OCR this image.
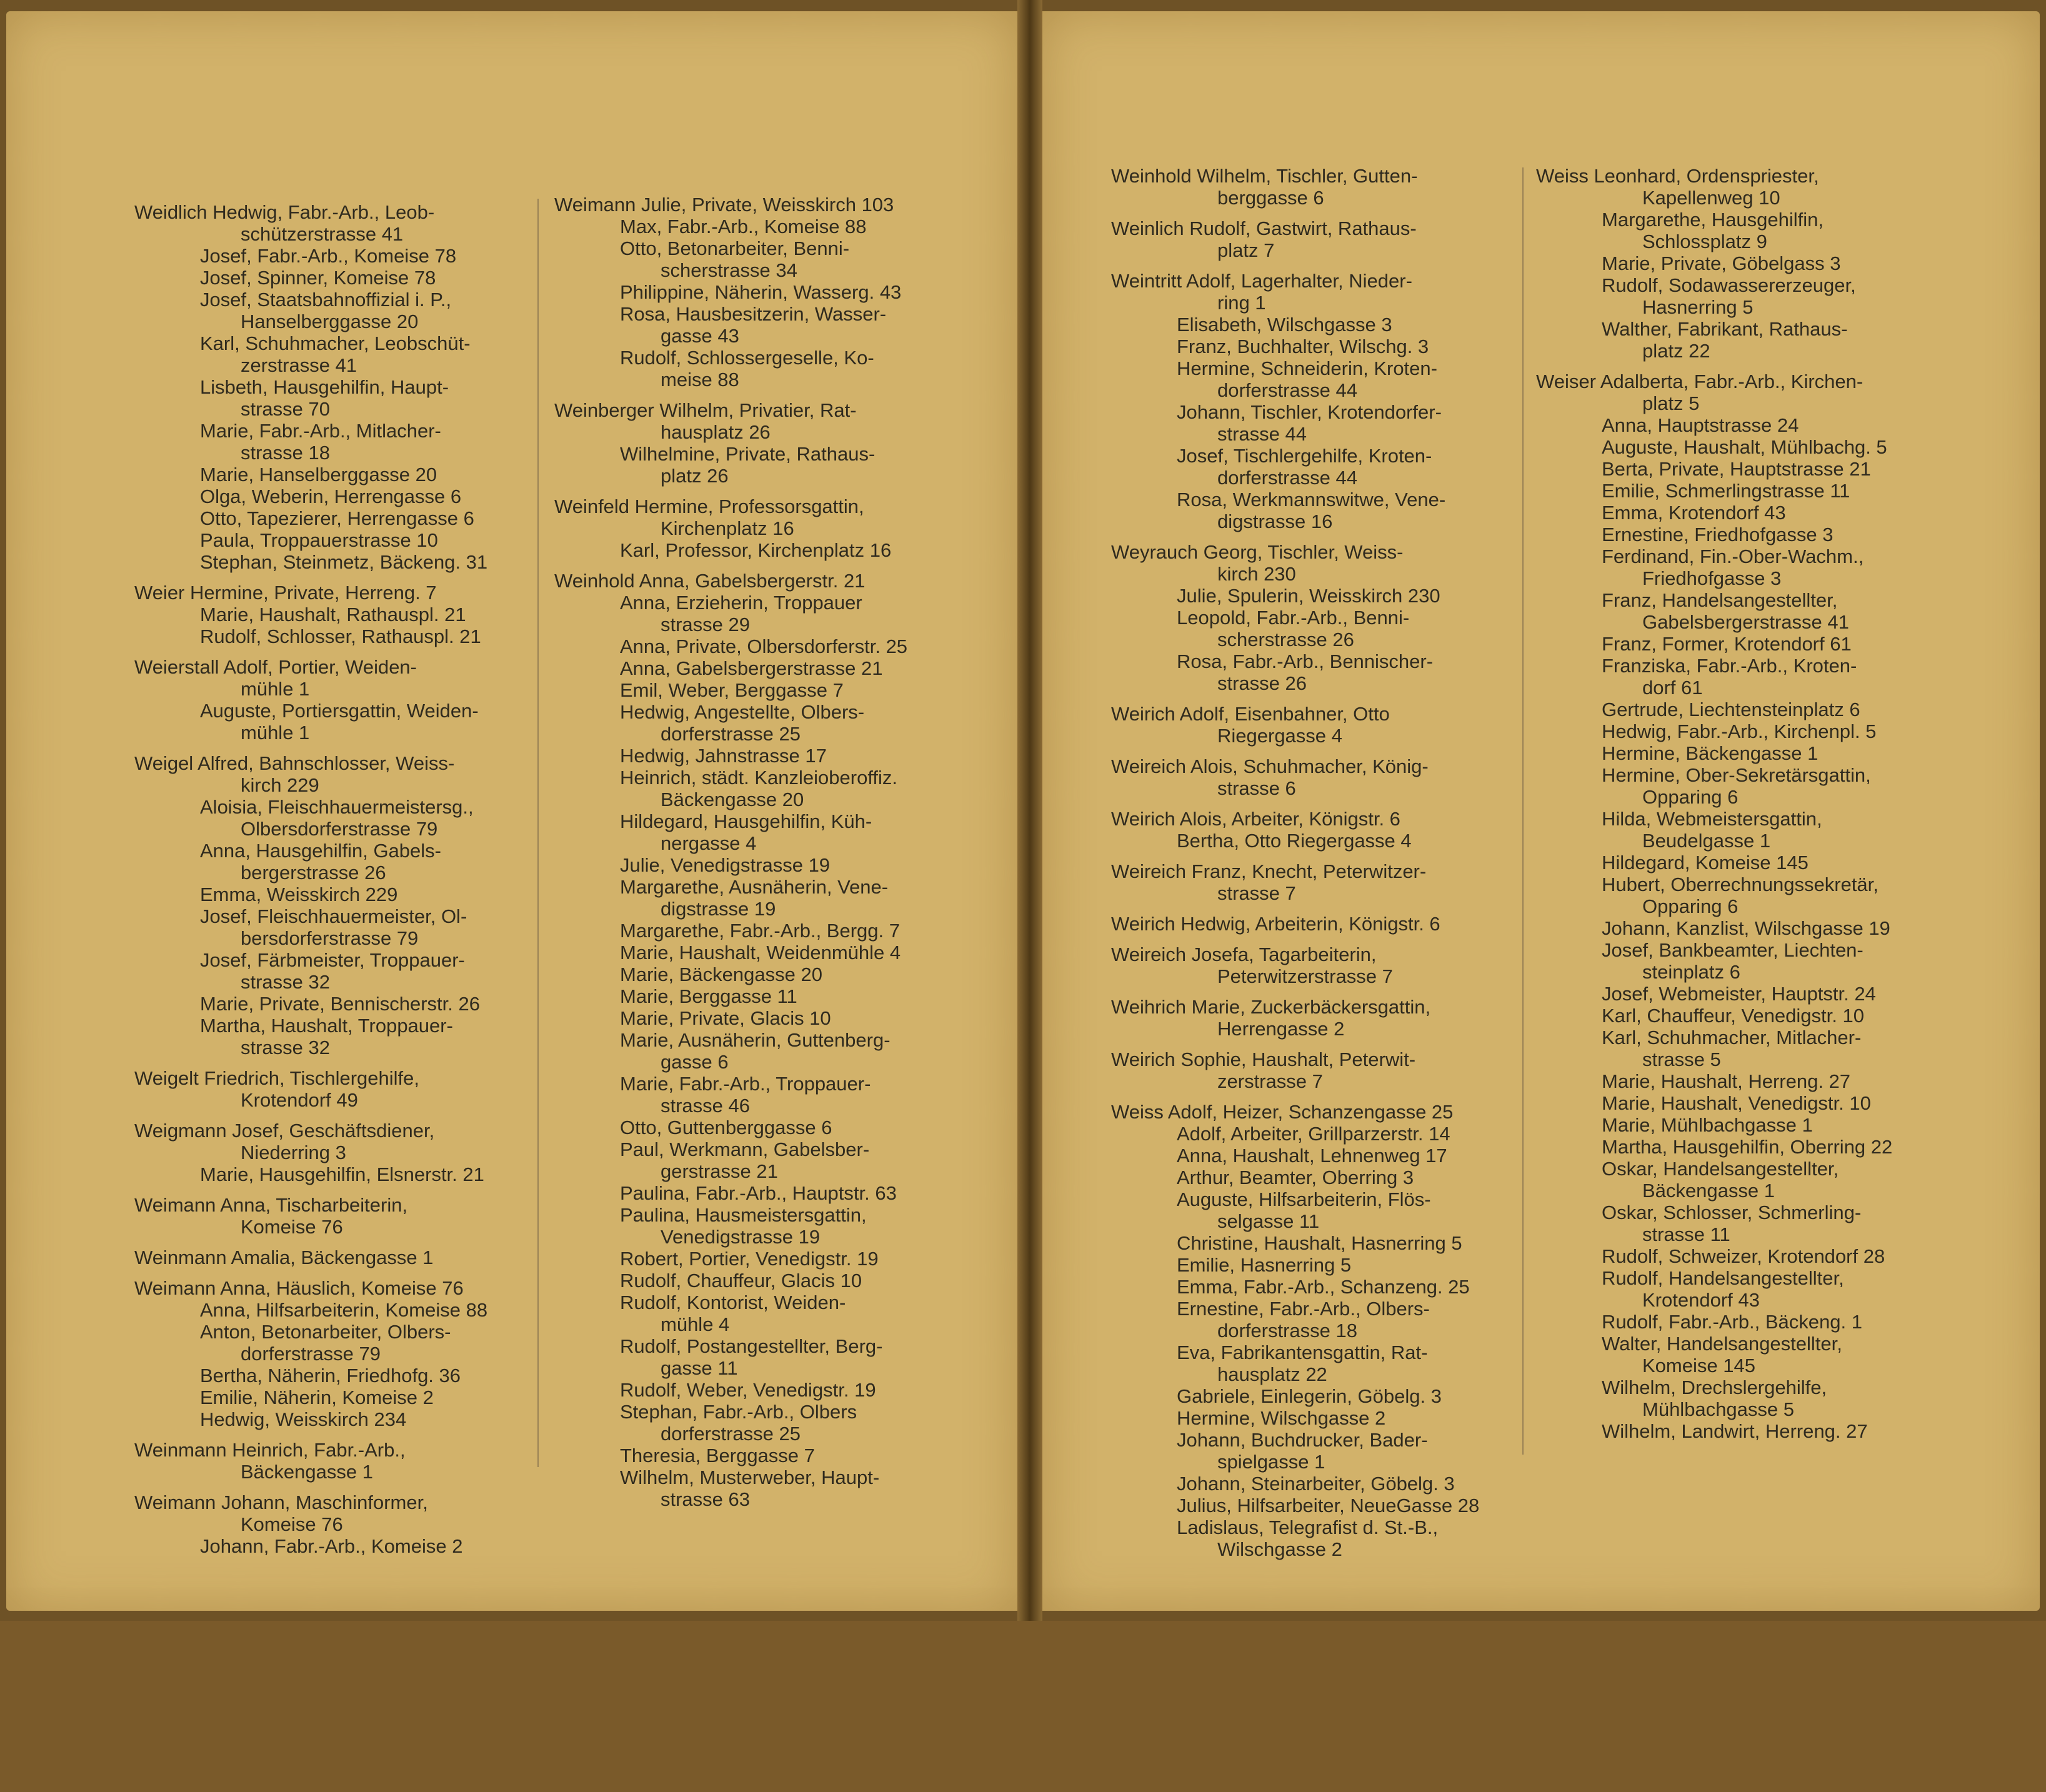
Weidlich Hedwig, Fabr.-Arb., Leob-
schützerstrasse 41
Josef, Fabr.-Arb., Komeise 78
Josef, Spinner, Komeise 78
Josef, Staatsbahnoffizial i. P.,
Hanselberggasse 20
Karl, Schuhmacher, Leobschüt-
zerstrasse 41
Lisbeth, Hausgehilfin, Haupt-
strasse 70
Marie, Fabr.-Arb., Mitlacher-
strasse 18
Marie, Hanselberggasse 20
Olga, Weberin, Herrengasse 6
Otto, Tapezierer, Herrengasse 6
Paula, Troppauerstrasse 10
Stephan, Steinmetz, Bäckeng. 31
Weier Hermine, Private, Herreng. 7
Marie, Haushalt, Rathauspl. 21
Rudolf, Schlosser, Rathauspl. 21
Weierstall Adolf, Portier, Weiden-
mühle 1
Auguste, Portiersgattin, Weiden-
mühle 1
Weigel Alfred, Bahnschlosser, Weiss-
kirch 229
Aloisia, Fleischhauermeistersg.,
Olbersdorferstrasse 79
Anna, Hausgehilfin, Gabels-
bergerstrasse 26
Emma, Weisskirch 229
Josef, Fleischhauermeister, Ol-
bersdorferstrasse 79
Josef, Färbmeister, Troppauer-
strasse 32
Marie, Private, Bennischerstr. 26
Martha, Haushalt, Troppauer-
strasse 32
Weigelt Friedrich, Tischlergehilfe,
Krotendorf 49
Weigmann Josef, Geschäftsdiener,
Niederring 3
Marie, Hausgehilfin, Elsnerstr. 21
Weimann Anna, Tischarbeiterin,
Komeise 76
Weinmann Amalia, Bäckengasse 1
Weimann Anna, Häuslich, Komeise 76
Anna, Hilfsarbeiterin, Komeise 88
Anton, Betonarbeiter, Olbers-
dorferstrasse 79
Bertha, Näherin, Friedhofg. 36
Emilie, Näherin, Komeise 2
Hedwig, Weisskirch 234
Weinmann Heinrich, Fabr.-Arb.,
Bäckengasse 1
Weimann Johann, Maschinformer,
Komeise 76
Johann, Fabr.-Arb., Komeise 2
Weimann Julie, Private, Weisskirch 103
Max, Fabr.-Arb., Komeise 88
Otto, Betonarbeiter, Benni-
scherstrasse 34
Philippine, Näherin, Wasserg. 43
Rosa, Hausbesitzerin, Wasser-
gasse 43
Rudolf, Schlossergeselle, Ko-
meise 88
Weinberger Wilhelm, Privatier, Rat-
hausplatz 26
Wilhelmine, Private, Rathaus-
platz 26
Weinfeld Hermine, Professorsgattin,
Kirchenplatz 16
Karl, Professor, Kirchenplatz 16
Weinhold Anna, Gabelsbergerstr. 21
Anna, Erzieherin, Troppauer
strasse 29
Anna, Private, Olbersdorferstr. 25
Anna, Gabelsbergerstrasse 21
Emil, Weber, Berggasse 7
Hedwig, Angestellte, Olbers-
dorferstrasse 25
Hedwig, Jahnstrasse 17
Heinrich, städt. Kanzleioberoffiz.
Bäckengasse 20
Hildegard, Hausgehilfin, Küh-
nergasse 4
Julie, Venedigstrasse 19
Margarethe, Ausnäherin, Vene-
digstrasse 19
Margarethe, Fabr.-Arb., Bergg. 7
Marie, Haushalt, Weidenmühle 4
Marie, Bäckengasse 20
Marie, Berggasse 11
Marie, Private, Glacis 10
Marie, Ausnäherin, Guttenberg-
gasse 6
Marie, Fabr.-Arb., Troppauer-
strasse 46
Otto, Guttenberggasse 6
Paul, Werkmann, Gabelsber-
gerstrasse 21
Paulina, Fabr.-Arb., Hauptstr. 63
Paulina, Hausmeistersgattin,
Venedigstrasse 19
Robert, Portier, Venedigstr. 19
Rudolf, Chauffeur, Glacis 10
Rudolf, Kontorist, Weiden-
mühle 4
Rudolf, Postangestellter, Berg-
gasse 11
Rudolf, Weber, Venedigstr. 19
Stephan, Fabr.-Arb., Olbers
dorferstrasse 25
Theresia, Berggasse 7
Wilhelm, Musterweber, Haupt-
strasse 63
Weinhold Wilhelm, Tischler, Gutten-
berggasse 6
Weinlich Rudolf, Gastwirt, Rathaus-
platz 7
Weintritt Adolf, Lagerhalter, Nieder-
ring 1
Elisabeth, Wilschgasse 3
Franz, Buchhalter, Wilschg. 3
Hermine, Schneiderin, Kroten-
dorferstrasse 44
Johann, Tischler, Krotendorfer-
strasse 44
Josef, Tischlergehilfe, Kroten-
dorferstrasse 44
Rosa, Werkmannswitwe, Vene-
digstrasse 16
Weyrauch Georg, Tischler, Weiss-
kirch 230
Julie, Spulerin, Weisskirch 230
Leopold, Fabr.-Arb., Benni-
scherstrasse 26
Rosa, Fabr.-Arb., Bennischer-
strasse 26
Weirich Adolf, Eisenbahner, Otto
Riegergasse 4
Weireich Alois, Schuhmacher, König-
strasse 6
Weirich Alois, Arbeiter, Königstr. 6
Bertha, Otto Riegergasse 4
Weireich Franz, Knecht, Peterwitzer-
strasse 7
Weirich Hedwig, Arbeiterin, Königstr. 6
Weireich Josefa, Tagarbeiterin,
Peterwitzerstrasse 7
Weihrich Marie, Zuckerbäckersgattin,
Herrengasse 2
Weirich Sophie, Haushalt, Peterwit-
zerstrasse 7
Weiss Adolf, Heizer, Schanzengasse 25
Adolf, Arbeiter, Grillparzerstr. 14
Anna, Haushalt, Lehnenweg 17
Arthur, Beamter, Oberring 3
Auguste, Hilfsarbeiterin, Flös-
selgasse 11
Christine, Haushalt, Hasnerring 5
Emilie, Hasnerring 5
Emma, Fabr.-Arb., Schanzeng. 25
Ernestine, Fabr.-Arb., Olbers-
dorferstrasse 18
Eva, Fabrikantensgattin, Rat-
hausplatz 22
Gabriele, Einlegerin, Göbelg. 3
Hermine, Wilschgasse 2
Johann, Buchdrucker, Bader-
spielgasse 1
Johann, Steinarbeiter, Göbelg. 3
Julius, Hilfsarbeiter, NeueGasse 28
Ladislaus, Telegrafist d. St.-B.,
Wilschgasse 2
Weiss Leonhard, Ordenspriester,
Kapellenweg 10
Margarethe, Hausgehilfin,
Schlossplatz 9
Marie, Private, Göbelgass 3
Rudolf, Sodawassererzeuger,
Hasnerring 5
Walther, Fabrikant, Rathaus-
platz 22
Weiser Adalberta, Fabr.-Arb., Kirchen-
platz 5
Anna, Hauptstrasse 24
Auguste, Haushalt, Mühlbachg. 5
Berta, Private, Hauptstrasse 21
Emilie, Schmerlingstrasse 11
Emma, Krotendorf 43
Ernestine, Friedhofgasse 3
Ferdinand, Fin.-Ober-Wachm.,
Friedhofgasse 3
Franz, Handelsangestellter,
Gabelsbergerstrasse 41
Franz, Former, Krotendorf 61
Franziska, Fabr.-Arb., Kroten-
dorf 61
Gertrude, Liechtensteinplatz 6
Hedwig, Fabr.-Arb., Kirchenpl. 5
Hermine, Bäckengasse 1
Hermine, Ober-Sekretärsgattin,
Opparing 6
Hilda, Webmeistersgattin,
Beudelgasse 1
Hildegard, Komeise 145
Hubert, Oberrechnungssekretär,
Opparing 6
Johann, Kanzlist, Wilschgasse 19
Josef, Bankbeamter, Liechten-
steinplatz 6
Josef, Webmeister, Hauptstr. 24
Karl, Chauffeur, Venedigstr. 10
Karl, Schuhmacher, Mitlacher-
strasse 5
Marie, Haushalt, Herreng. 27
Marie, Haushalt, Venedigstr. 10
Marie, Mühlbachgasse 1
Martha, Hausgehilfin, Oberring 22
Oskar, Handelsangestellter,
Bäckengasse 1
Oskar, Schlosser, Schmerling-
strasse 11
Rudolf, Schweizer, Krotendorf 28
Rudolf, Handelsangestellter,
Krotendorf 43
Rudolf, Fabr.-Arb., Bäckeng. 1
Walter, Handelsangestellter,
Komeise 145
Wilhelm, Drechslergehilfe,
Mühlbachgasse 5
Wilhelm, Landwirt, Herreng. 27
